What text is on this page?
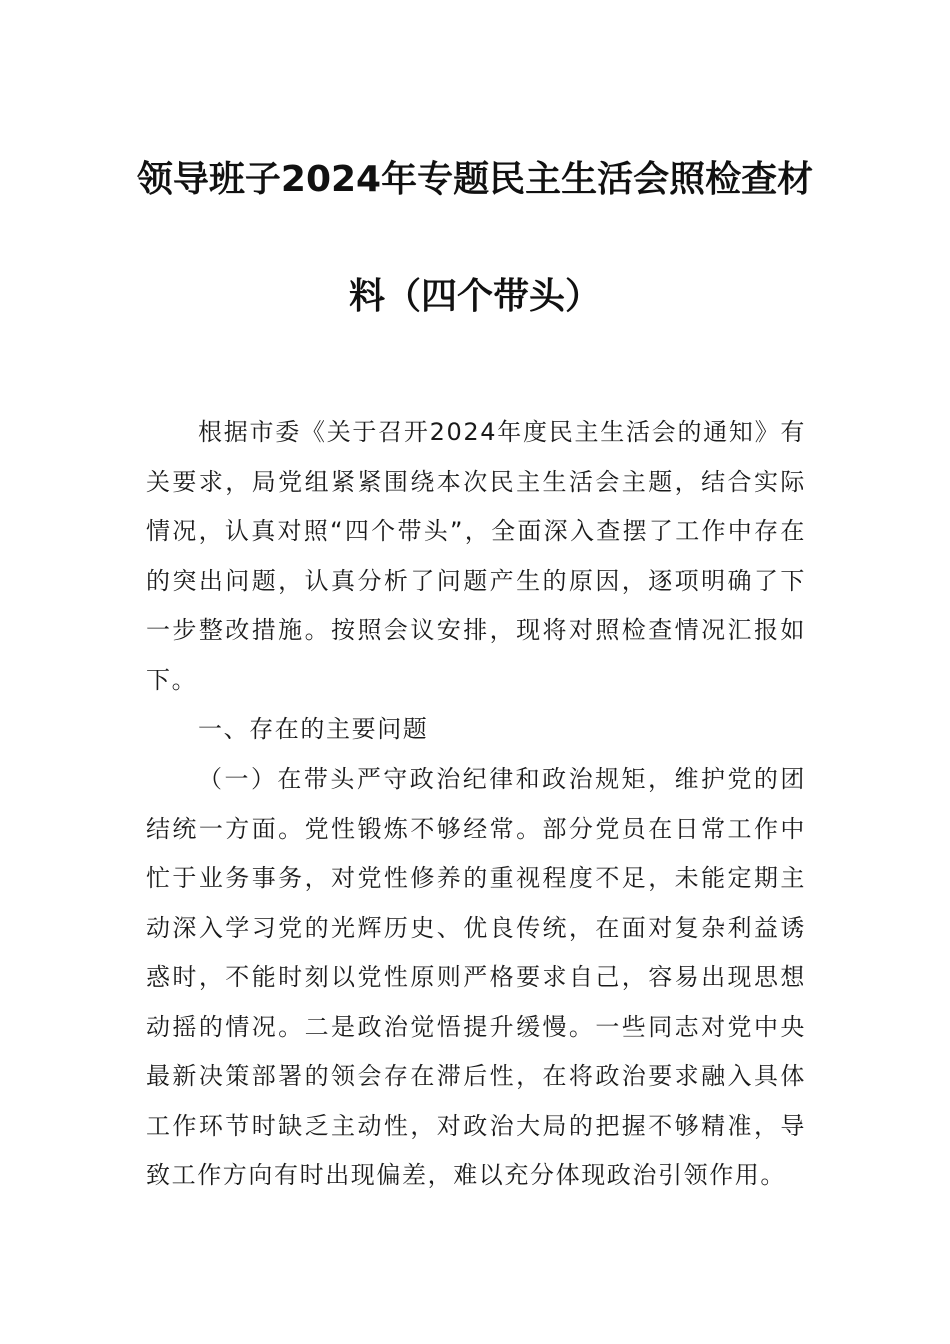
领导班子2024年专题民主生活会照检查材
料（四个带头）

根据市委《关于召开2024年度民主生活会的通知》有关要求，局党组紧紧围绕本次民主生活会主题，结合实际情况，认真对照“四个带头”，全面深入查摆了工作中存在的突出问题，认真分析了问题产生的原因，逐项明确了下一步整改措施。按照会议安排，现将对照检查情况汇报如下。

一、存在的主要问题

（一）在带头严守政治纪律和政治规矩，维护党的团结统一方面。党性锻炼不够经常。部分党员在日常工作中忙于业务事务，对党性修养的重视程度不足，未能定期主动深入学习党的光辉历史、优良传统，在面对复杂利益诱惑时，不能时刻以党性原则严格要求自己，容易出现思想动摇的情况。二是政治觉悟提升缓慢。一些同志对党中央最新决策部署的领会存在滞后性，在将政治要求融入具体工作环节时缺乏主动性，对政治大局的把握不够精准，导致工作方向有时出现偏差，难以充分体现政治引领作用。
